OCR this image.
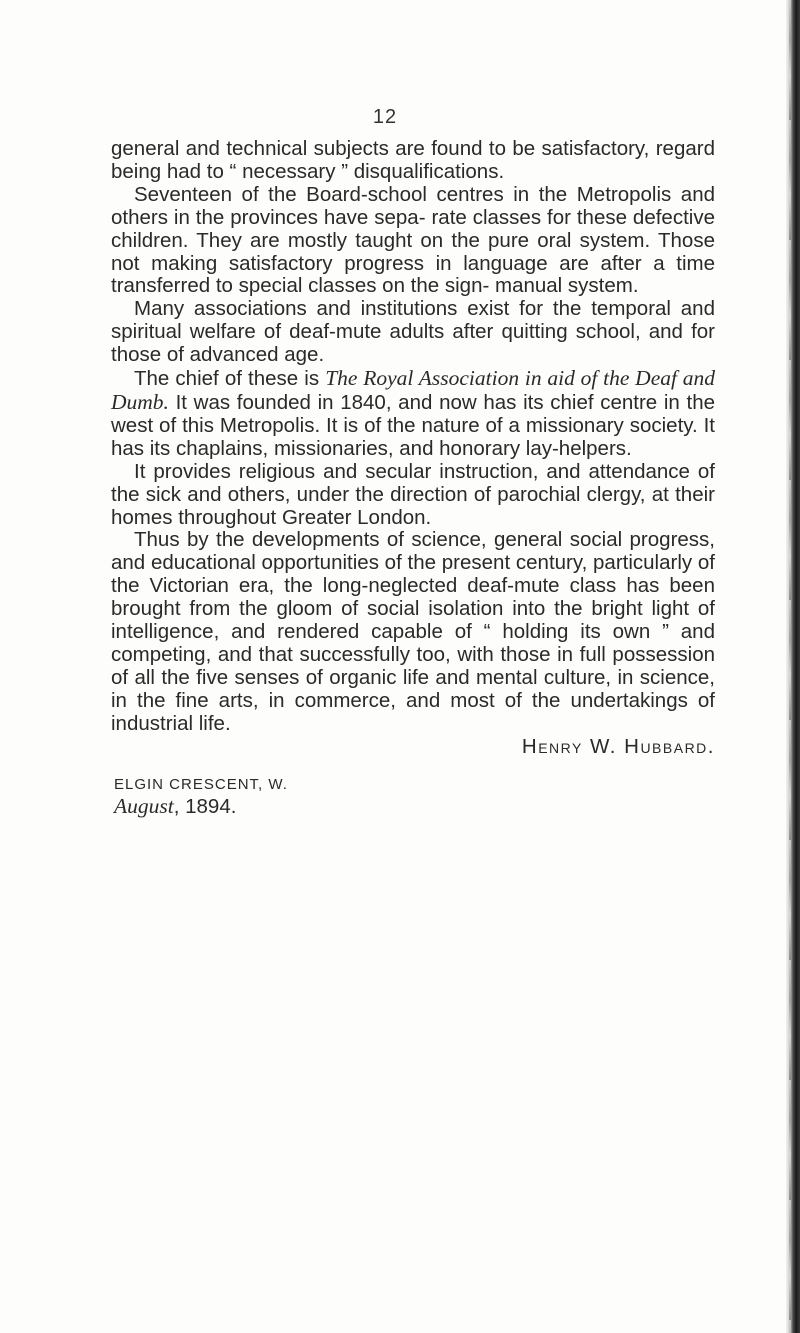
12

general and technical subjects are found to be satisfactory, regard being had to “ necessary ” disqualifications.

Seventeen of the Board-school centres in the Metropolis and others in the provinces have sepa- rate classes for these defective children. They are mostly taught on the pure oral system. Those not making satisfactory progress in language are after a time transferred to special classes on the sign- manual system.

Many associations and institutions exist for the temporal and spiritual welfare of deaf-mute adults after quitting school, and for those of advanced age.

The chief of these is The Royal Association in aid of the Deaf and Dumb. It was founded in 1840, and now has its chief centre in the west of this Metropolis. It is of the nature of a missionary society. It has its chaplains, missionaries, and honorary lay-helpers.

It provides religious and secular instruction, and attendance of the sick and others, under the direction of parochial clergy, at their homes throughout Greater London.

Thus by the developments of science, general social progress, and educational opportunities of the present century, particularly of the Victorian era, the long-neglected deaf-mute class has been brought from the gloom of social isolation into the bright light of intelligence, and rendered capable of “ holding its own ” and competing, and that successfully too, with those in full possession of all the five senses of organic life and mental culture, in science, in the fine arts, in commerce, and most of the undertakings of industrial life.

Henry W. Hubbard.
ELGIN CRESCENT, W.
August, 1894.
